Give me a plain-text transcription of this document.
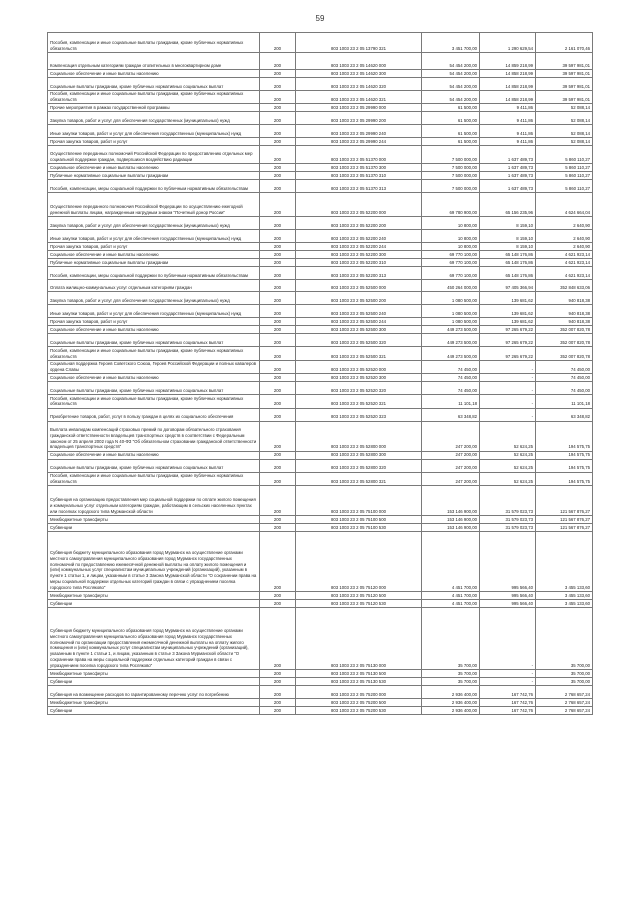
59
Пособия, компенсации и иные социальные выплаты гражданам, кроме публичных нормативных обязательств	200	803 1003 23 2 05 13790 321	3 451 700,00	1 290 629,54	2 161 070,46
Компенсация отдельным категориям граждан отопительных в многоквартирном доме	200	803 1003 23 2 05 14620 000	54 454 200,00	14 859 218,99	39 597 981,01
Социальное обеспечение и иные выплаты населению	200	803 1003 23 2 05 14620 300	54 454 200,00	14 858 218,99	39 597 981,01
Социальные выплаты гражданам, кроме публичных нормативных социальных выплат	200	803 1003 23 2 05 14620 320	54 454 200,00	14 858 218,99	39 597 981,01
Пособия, компенсации и иные социальные выплаты гражданам, кроме публичных нормативных обязательств	200	803 1003 23 2 05 14620 321	54 454 200,00	14 858 218,99	39 597 981,01
Прочие мероприятия в рамках государственной программы	200	803 1003 23 2 05 29990 000	61 500,00	9 411,86	52 088,14
Закупка товаров, работ и услуг для обеспечения государственных (муниципальных) нужд	200	803 1003 23 2 05 29990 200	61 500,00	9 411,86	52 088,14
Иные закупки товаров, работ и услуг для обеспечения государственных (муниципальных) нужд	200	803 1003 23 2 05 29990 240	61 500,00	9 411,86	52 088,14
Прочая закупка товаров, работ и услуг	200	803 1003 23 2 05 29990 244	61 500,00	9 411,86	52 088,14
Осуществление переданных полномочий Российской Федерации по предоставлению отдельных мер социальной поддержки граждан, подвергшихся воздействию радиации	200	803 1003 23 2 05 51370 000	7 500 000,00	1 637 489,73	5 860 110,27
Социальное обеспечение и иные выплаты населению	200	803 1003 23 2 05 51370 300	7 500 000,00	1 637 489,73	5 860 110,27
Публичные нормативные социальные выплаты гражданам	200	803 1003 23 2 05 51370 310	7 500 000,00	1 637 489,73	5 860 110,27
Пособия, компенсации, меры социальной поддержки по публичным нормативным обязательствам	200	803 1003 23 2 05 51370 313	7 500 000,00	1 637 489,73	5 860 110,27
Осуществление переданного полномочия Российской Федерации по осуществлению ежегодной денежной выплаты лицам, награжденным нагрудным знаком "Почетный донор России"	200	803 1003 23 2 05 52200 000	69 780 900,00	65 156 235,96	4 624 664,04
Закупка товаров, работ и услуг для обеспечения государственных (муниципальных) нужд	200	803 1003 23 2 05 52200 200	10 800,00	8 159,10	2 640,90
Иные закупки товаров, работ и услуг для обеспечения государственных (муниципальных) нужд	200	803 1003 23 2 05 52200 240	10 800,00	8 159,10	2 640,90
Прочая закупка товаров, работ и услуг	200	803 1003 23 2 05 52200 244	10 800,00	8 159,10	2 640,90
Социальное обеспечение и иные выплаты населению	200	803 1003 23 2 05 52200 300	69 770 100,00	65 148 176,86	4 621 923,14
Публичные нормативные социальные выплаты гражданам	200	803 1003 23 2 05 52200 310	69 770 100,00	65 148 176,86	4 621 923,14
Пособия, компенсации, меры социальной поддержки по публичным нормативным обязательствам	200	803 1003 23 2 05 52200 313	69 770 100,00	65 148 176,86	4 621 923,14
Оплата жилищно-коммунальных услуг отдельным категориям граждан	200	803 1003 23 2 05 52500 000	450 264 000,00	97 405 366,94	352 848 633,06
Закупка товаров, работ и услуг для обеспечения государственных (муниципальных) нужд	200	803 1003 23 2 05 52500 200	1 080 500,00	139 681,62	940 818,38
Иные закупки товаров, работ и услуг для обеспечения государственных (муниципальных) нужд	200	803 1003 23 2 05 52500 240	1 080 500,00	139 681,62	940 818,38
Прочая закупка товаров, работ и услуг	200	803 1003 23 2 05 52500 244	1 080 500,00	139 681,62	940 818,38
Социальное обеспечение и иные выплаты населению	200	803 1003 23 2 05 52500 300	449 273 500,00	97 265 679,22	352 007 820,78
Социальные выплаты гражданам, кроме публичных нормативных социальных выплат	200	803 1003 23 2 05 52500 320	449 273 500,00	97 265 679,22	352 007 820,78
Пособия, компенсации и иные социальные выплаты гражданам, кроме публичных нормативных обязательств	200	803 1003 23 2 05 52500 321	449 273 500,00	97 265 679,22	352 007 820,78
Социальная поддержка Героев Советского Союза, Героев Российской Федерации и полных кавалеров ордена Славы	200	803 1003 23 2 05 52520 000	74 450,00	-	74 450,00
Социальное обеспечение и иные выплаты населению	200	803 1003 23 2 05 52520 300	74 450,00	-	74 450,00
Социальные выплаты гражданам, кроме публичных нормативных социальных выплат	200	803 1003 23 2 05 52520 320	74 450,00	-	74 450,00
Пособия, компенсации и иные социальные выплаты гражданам, кроме публичных нормативных обязательств	200	803 1003 23 2 05 52520 321	11 101,18	-	11 101,18
Приобретение товаров, работ, услуг в пользу граждан в целях их социального обеспечения	200	803 1003 23 2 05 52520 323	63 348,82	-	63 348,82
Выплата инвалидам компенсаций страховых премий по договорам обязательного страхования гражданской ответственности владельцев транспортных средств в соответствии с Федеральным законом от 25 апреля 2002 года N 40-ФЗ "Об обязательном страховании гражданской ответственности владельцев транспортных средств"	200	803 1003 23 2 05 52800 000	247 200,00	52 624,25	194 575,75
Социальное обеспечение и иные выплаты населению	200	803 1003 23 2 05 52800 300	247 200,00	52 624,25	194 575,75
Социальные выплаты гражданам, кроме публичных нормативных социальных выплат	200	803 1003 23 2 05 52800 320	247 200,00	52 624,25	194 575,75
Пособия, компенсации и иные социальные выплаты гражданам, кроме публичных нормативных обязательств	200	803 1003 23 2 05 52800 321	247 200,00	52 624,25	194 575,75
Субвенция на организацию предоставления мер социальной поддержки по оплате жилого помещения и коммунальных услуг отдельным категориям граждан, работающим в сельских населенных пунктах или поселках городского типа Мурманской области	200	803 1003 23 2 05 75100 000	153 146 900,00	31 579 023,73	121 567 876,27
Межбюджетные трансферты	200	803 1003 23 2 05 75100 500	153 146 900,00	31 579 023,73	121 567 876,27
Субвенции	200	803 1003 23 2 05 75100 530	153 146 900,00	31 579 023,73	121 567 876,27
Субвенция бюджету муниципального образования город Мурманск на осуществление органами местного самоуправления муниципального образования город Мурманск государственных полномочий по предоставлению ежемесячной денежной выплаты на оплату жилого помещения и (или) коммунальных услуг специалистам муниципальных учреждений (организаций), указанным в пункте 1 статьи 1, и лицам, указанным в статье 3 Закона Мурманской области "О сохранении права на меры социальной поддержки отдельных категорий граждан в связи с упразднением поселка городского типа Росляково"	200	803 1003 23 2 05 75120 000	4 451 700,00	995 566,40	3 455 133,60
Межбюджетные трансферты	200	803 1003 23 2 05 75120 500	4 451 700,00	995 566,40	3 455 133,60
Субвенции	200	803 1003 23 2 05 75120 530	4 451 700,00	995 566,40	3 455 133,60
Субвенция бюджету муниципального образования город Мурманск на осуществление органами местного самоуправления муниципального образования город Мурманск государственных полномочий по организации предоставления ежемесячной денежной выплаты на оплату жилого помещения и (или) коммунальных услуг специалистам муниципальных учреждений (организаций), указанным в пункте 1 статьи 1, и лицам, указанным в статье 3 Закона Мурманской области "О сохранении права на меры социальной поддержки отдельных категорий граждан в связи с упразднением поселка городского типа Росляково"	200	803 1003 23 2 05 75130 000	35 700,00	-	35 700,00
Межбюджетные трансферты	200	803 1003 23 2 05 75130 500	35 700,00	-	35 700,00
Субвенции	200	803 1003 23 2 05 75130 530	35 700,00	-	35 700,00
Субвенция на возмещение расходов по гарантированному перечню услуг по погребению	200	803 1003 23 2 05 75200 000	2 936 400,00	167 742,76	2 768 657,24
Межбюджетные трансферты	200	803 1003 23 2 05 75200 500	2 936 400,00	167 742,76	2 768 657,24
Субвенции	200	803 1003 23 2 05 75200 530	2 936 400,00	167 742,76	2 768 657,24
